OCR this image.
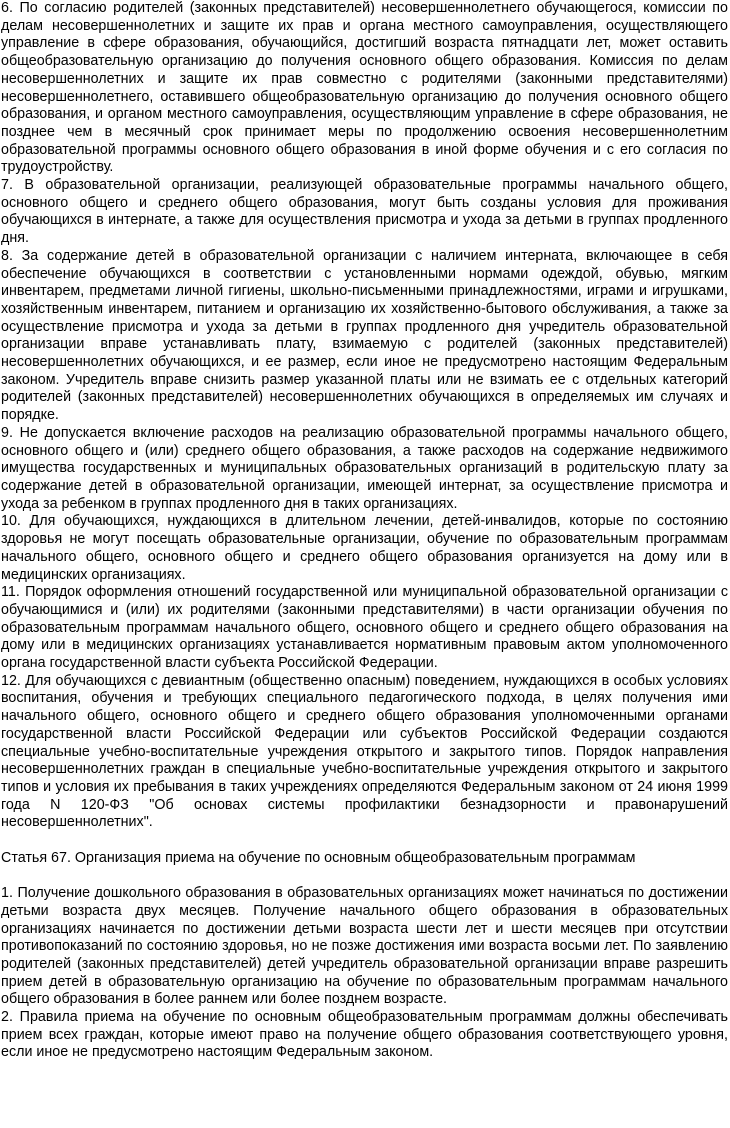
6. По согласию родителей (законных представителей) несовершеннолетнего обучающегося, комиссии по делам несовершеннолетних и защите их прав и органа местного самоуправления, осуществляющего управление в сфере образования, обучающийся, достигший возраста пятнадцати лет, может оставить общеобразовательную организацию до получения основного общего образования. Комиссия по делам несовершеннолетних и защите их прав совместно с родителями (законными представителями) несовершеннолетнего, оставившего общеобразовательную организацию до получения основного общего образования, и органом местного самоуправления, осуществляющим управление в сфере образования, не позднее чем в месячный срок принимает меры по продолжению освоения несовершеннолетним образовательной программы основного общего образования в иной форме обучения и с его согласия по трудоустройству.

7. В образовательной организации, реализующей образовательные программы начального общего, основного общего и среднего общего образования, могут быть созданы условия для проживания обучающихся в интернате, а также для осуществления присмотра и ухода за детьми в группах продленного дня.

8. За содержание детей в образовательной организации с наличием интерната, включающее в себя обеспечение обучающихся в соответствии с установленными нормами одеждой, обувью, мягким инвентарем, предметами личной гигиены, школьно-письменными принадлежностями, играми и игрушками, хозяйственным инвентарем, питанием и организацию их хозяйственно-бытового обслуживания, а также за осуществление присмотра и ухода за детьми в группах продленного дня учредитель образовательной организации вправе устанавливать плату, взимаемую с родителей (законных представителей) несовершеннолетних обучающихся, и ее размер, если иное не предусмотрено настоящим Федеральным законом. Учредитель вправе снизить размер указанной платы или не взимать ее с отдельных категорий родителей (законных представителей) несовершеннолетних обучающихся в определяемых им случаях и порядке.

9. Не допускается включение расходов на реализацию образовательной программы начального общего, основного общего и (или) среднего общего образования, а также расходов на содержание недвижимого имущества государственных и муниципальных образовательных организаций в родительскую плату за содержание детей в образовательной организации, имеющей интернат, за осуществление присмотра и ухода за ребенком в группах продленного дня в таких организациях.

10. Для обучающихся, нуждающихся в длительном лечении, детей-инвалидов, которые по состоянию здоровья не могут посещать образовательные организации, обучение по образовательным программам начального общего, основного общего и среднего общего образования организуется на дому или в медицинских организациях.

11. Порядок оформления отношений государственной или муниципальной образовательной организации с обучающимися и (или) их родителями (законными представителями) в части организации обучения по образовательным программам начального общего, основного общего и среднего общего образования на дому или в медицинских организациях устанавливается нормативным правовым актом уполномоченного органа государственной власти субъекта Российской Федерации.

12. Для обучающихся с девиантным (общественно опасным) поведением, нуждающихся в особых условиях воспитания, обучения и требующих специального педагогического подхода, в целях получения ими начального общего, основного общего и среднего общего образования уполномоченными органами государственной власти Российской Федерации или субъектов Российской Федерации создаются специальные учебно-воспитательные учреждения открытого и закрытого типов. Порядок направления несовершеннолетних граждан в специальные учебно-воспитательные учреждения открытого и закрытого типов и условия их пребывания в таких учреждениях определяются Федеральным законом от 24 июня 1999 года N 120-ФЗ "Об основах системы профилактики безнадзорности и правонарушений несовершеннолетних".

Статья 67. Организация приема на обучение по основным общеобразовательным программам

1. Получение дошкольного образования в образовательных организациях может начинаться по достижении детьми возраста двух месяцев. Получение начального общего образования в образовательных организациях начинается по достижении детьми возраста шести лет и шести месяцев при отсутствии противопоказаний по состоянию здоровья, но не позже достижения ими возраста восьми лет. По заявлению родителей (законных представителей) детей учредитель образовательной организации вправе разрешить прием детей в образовательную организацию на обучение по образовательным программам начального общего образования в более раннем или более позднем возрасте.

2. Правила приема на обучение по основным общеобразовательным программам должны обеспечивать прием всех граждан, которые имеют право на получение общего образования соответствующего уровня, если иное не предусмотрено настоящим Федеральным законом.
